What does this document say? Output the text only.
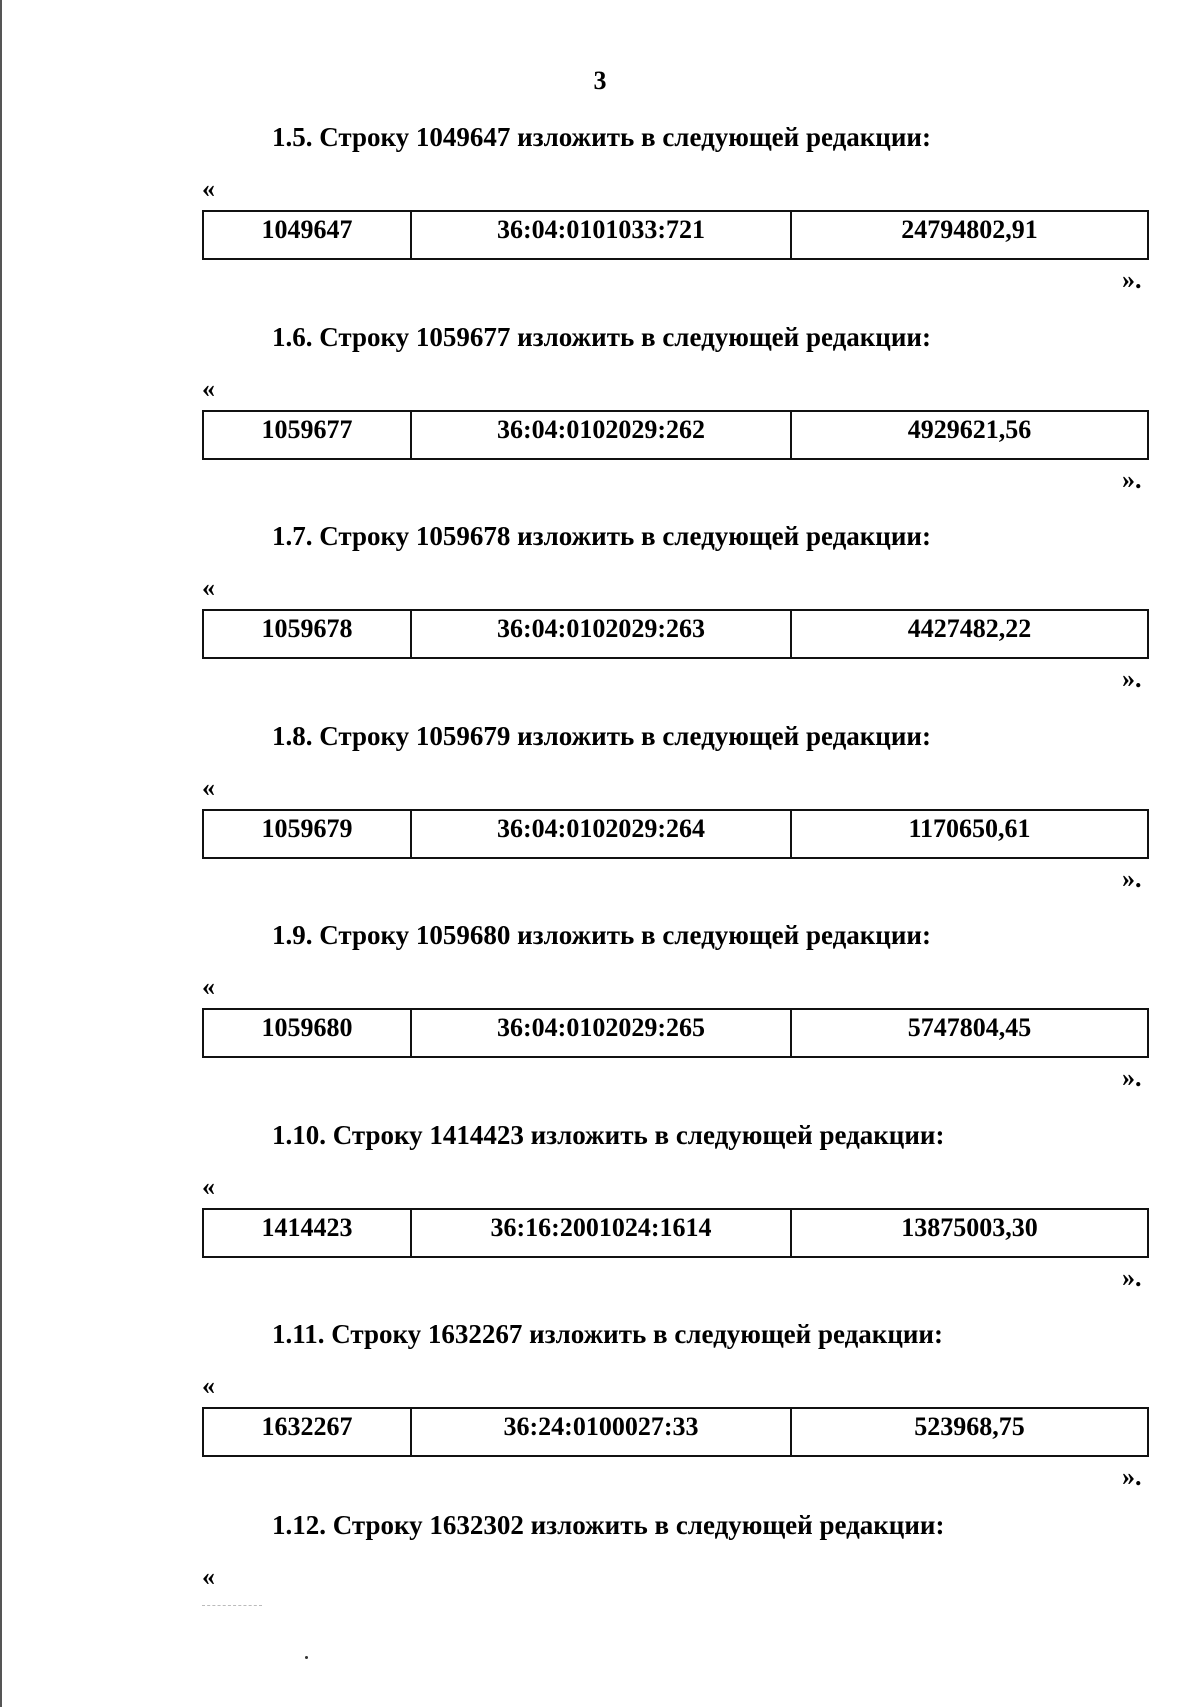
3
1.5. Строку 1049647 изложить в следующей редакции:
«
1049647	36:04:0101033:721	24794802,91
».
1.6. Строку 1059677 изложить в следующей редакции:
«
1059677	36:04:0102029:262	4929621,56
».
1.7. Строку 1059678 изложить в следующей редакции:
«
1059678	36:04:0102029:263	4427482,22
».
1.8. Строку 1059679 изложить в следующей редакции:
«
1059679	36:04:0102029:264	1170650,61
».
1.9. Строку 1059680 изложить в следующей редакции:
«
1059680	36:04:0102029:265	5747804,45
».
1.10. Строку 1414423 изложить в следующей редакции:
«
1414423	36:16:2001024:1614	13875003,30
».
1.11. Строку 1632267 изложить в следующей редакции:
«
1632267	36:24:0100027:33	523968,75
».
1.12. Строку 1632302 изложить в следующей редакции:
«
